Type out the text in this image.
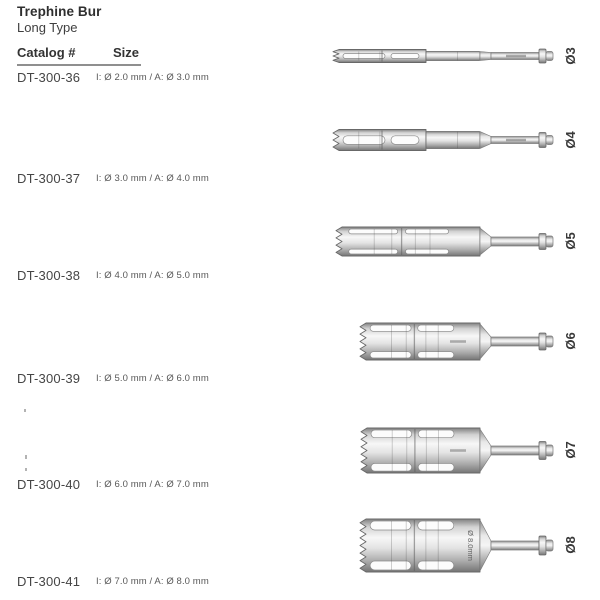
Trephine Bur
Long Type
Catalog #	Size
DT-300-36 I: Ø 2.0 mm / A: Ø 3.0 mm
DT-300-37 I: Ø 3.0 mm / A: Ø 4.0 mm
DT-300-38 I: Ø 4.0 mm / A: Ø 5.0 mm
DT-300-39 I: Ø 5.0 mm / A: Ø 6.0 mm
DT-300-40 I: Ø 6.0 mm / A: Ø 7.0 mm
DT-300-41 I: Ø 7.0 mm / A: Ø 8.0 mm
Ø3
Ø4
Ø5
Ø6
Ø7
Ø 8.0mm	Ø8
